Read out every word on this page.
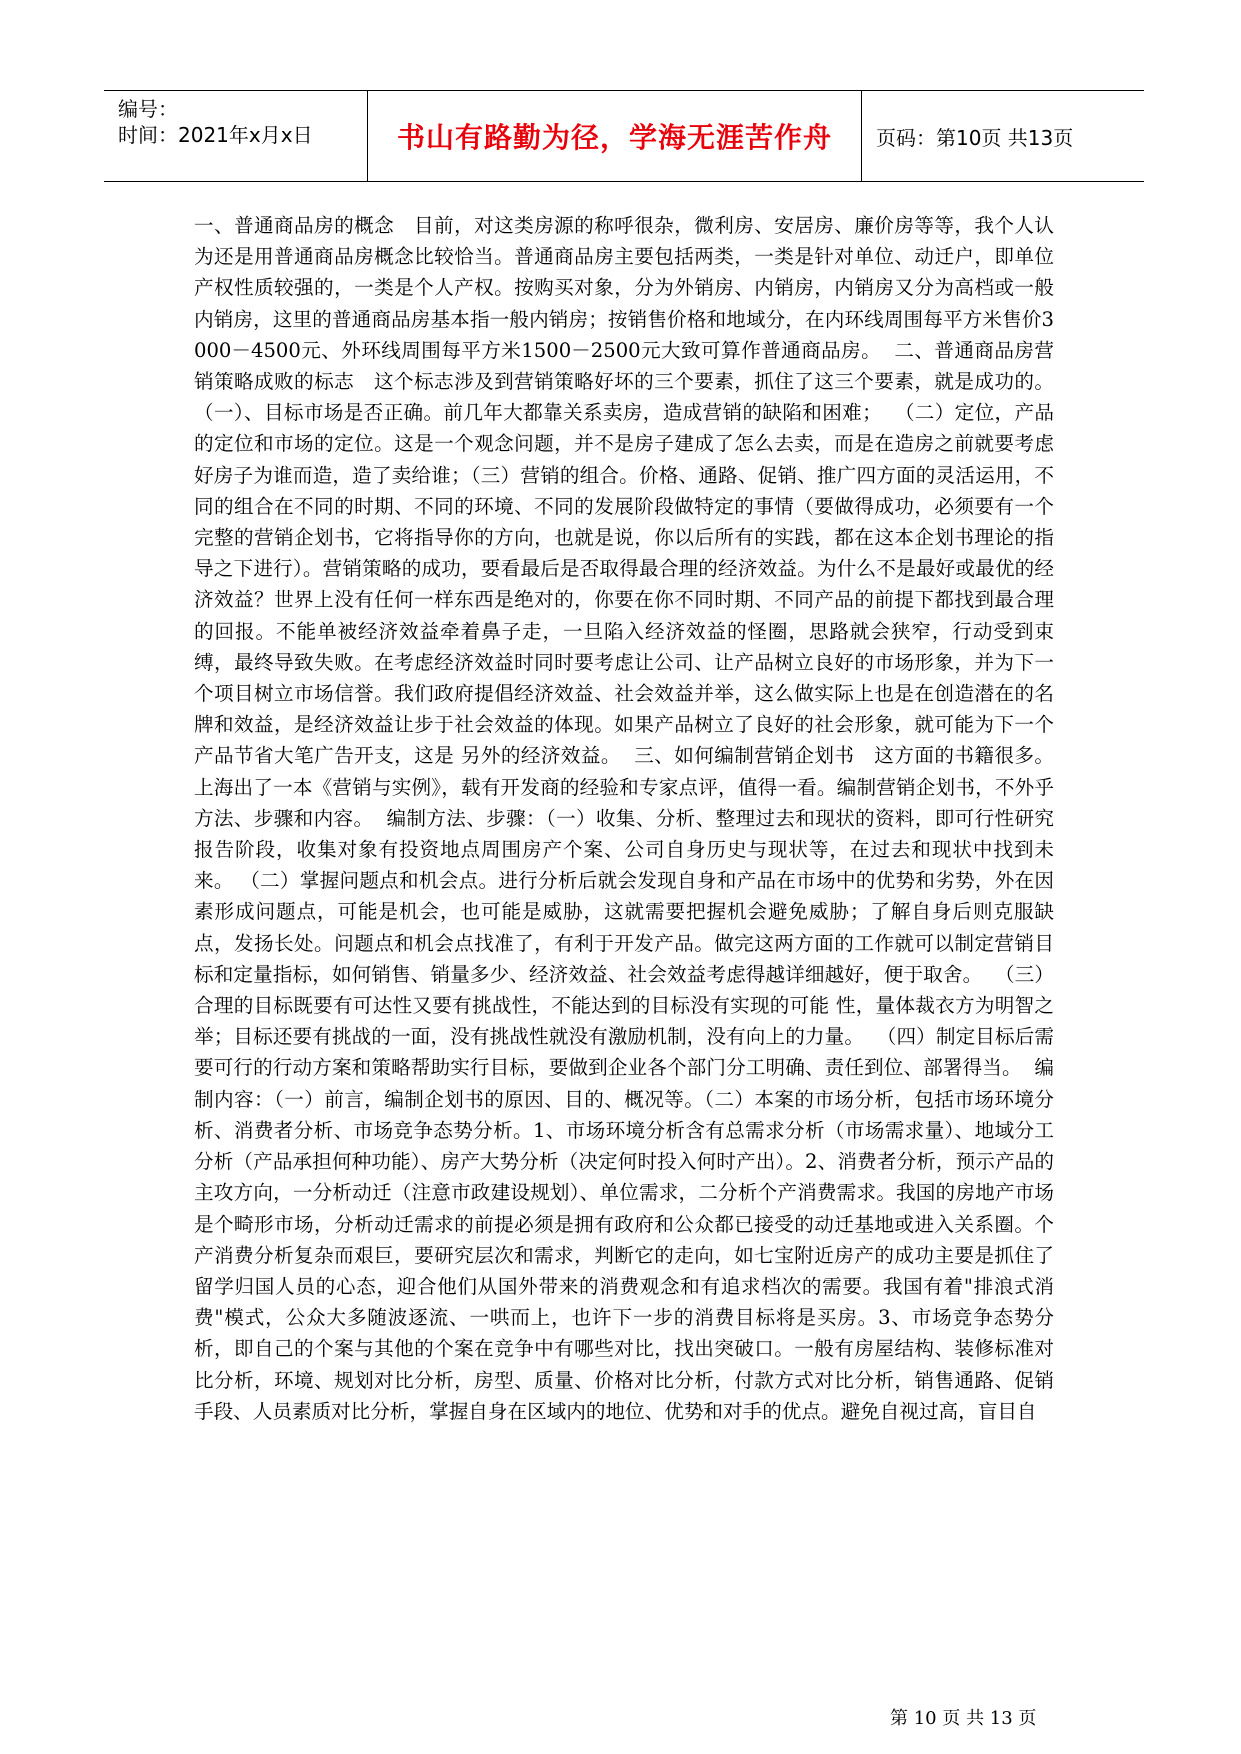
编号：
时间：2021年x月x日	书山有路勤为径，学海无涯苦作舟	页码：第10页 共13页

一、普通商品房的概念   目前，对这类房源的称呼很杂，微利房、安居房、廉价房等等，我个人认为还是用普通商品房概念比较恰当。普通商品房主要包括两类，一类是针对单位、动迁户，即单位产权性质较强的，一类是个人产权。按购买对象，分为外销房、内销房，内销房又分为高档或一般内销房，这里的普通商品房基本指一般内销房；按销售价格和地域分，在内环线周围每平方米售价3000－4500元、外环线周围每平方米1500－2500元大致可算作普通商品房。  二、普通商品房营销策略成败的标志   这个标志涉及到营销策略好坏的三个要素，抓住了这三个要素，就是成功的。  （一）、目标市场是否正确。前几年大都靠关系卖房，造成营销的缺陷和困难；  （二）定位，产品的定位和市场的定位。这是一个观念问题，并不是房子建成了怎么去卖，而是在造房之前就要考虑好房子为谁而造，造了卖给谁；（三）营销的组合。价格、通路、促销、推广四方面的灵活运用，不同的组合在不同的时期、不同的环境、不同的发展阶段做特定的事情（要做得成功，必须要有一个完整的营销企划书，它将指导你的方向，也就是说，你以后所有的实践，都在这本企划书理论的指导之下进行）。营销策略的成功，要看最后是否取得最合理的经济效益。为什么不是最好或最优的经济效益？世界上没有任何一样东西是绝对的，你要在你不同时期、不同产品的前提下都找到最合理的回报。不能单被经济效益牵着鼻子走，一旦陷入经济效益的怪圈，思路就会狭窄，行动受到束缚，最终导致失败。在考虑经济效益时同时要考虑让公司、让产品树立良好的市场形象，并为下一个项目树立市场信誉。我们政府提倡经济效益、社会效益并举，这么做实际上也是在创造潜在的名牌和效益，是经济效益让步于社会效益的体现。如果产品树立了良好的社会形象，就可能为下一个产品节省大笔广告开支，这是 另外的经济效益。  三、如何编制营销企划书   这方面的书籍很多。上海出了一本《营销与实例》，载有开发商的经验和专家点评，值得一看。编制营销企划书，不外乎方法、步骤和内容。  编制方法、步骤：（一）收集、分析、整理过去和现状的资料，即可行性研究报告阶段，收集对象有投资地点周围房产个案、公司自身历史与现状等，在过去和现状中找到未来。 （二）掌握问题点和机会点。进行分析后就会发现自身和产品在市场中的优势和劣势，外在因素形成问题点，可能是机会，也可能是威胁，这就需要把握机会避免威胁；了解自身后则克服缺点，发扬长处。问题点和机会点找准了，有利于开发产品。做完这两方面的工作就可以制定营销目标和定量指标，如何销售、销量多少、经济效益、社会效益考虑得越详细越好，便于取舍。  （三）合理的目标既要有可达性又要有挑战性，不能达到的目标没有实现的可能 性，量体裁衣方为明智之举；目标还要有挑战的一面，没有挑战性就没有激励机制，没有向上的力量。  （四）制定目标后需要可行的行动方案和策略帮助实行目标，要做到企业各个部门分工明确、责任到位、部署得当。  编制内容：（一）前言，编制企划书的原因、目的、概况等。（二）本案的市场分析，包括市场环境分析、消费者分析、市场竞争态势分析。1、市场环境分析含有总需求分析（市场需求量）、地域分工分析（产品承担何种功能）、房产大势分析（决定何时投入何时产出）。2、消费者分析，预示产品的主攻方向，一分析动迁（注意市政建设规划）、单位需求，二分析个产消费需求。我国的房地产市场是个畸形市场，分析动迁需求的前提必须是拥有政府和公众都已接受的动迁基地或进入关系圈。个产消费分析复杂而艰巨，要研究层次和需求，判断它的走向，如七宝附近房产的成功主要是抓住了留学归国人员的心态，迎合他们从国外带来的消费观念和有追求档次的需要。我国有着"排浪式消费"模式，公众大多随波逐流、一哄而上，也许下一步的消费目标将是买房。3、市场竞争态势分析，即自己的个案与其他的个案在竞争中有哪些对比，找出突破口。一般有房屋结构、装修标准对比分析，环境、规划对比分析，房型、质量、价格对比分析，付款方式对比分析，销售通路、促销手段、人员素质对比分析，掌握自身在区域内的地位、优势和对手的优点。避免自视过高，盲目自

第 10 页 共 13 页
